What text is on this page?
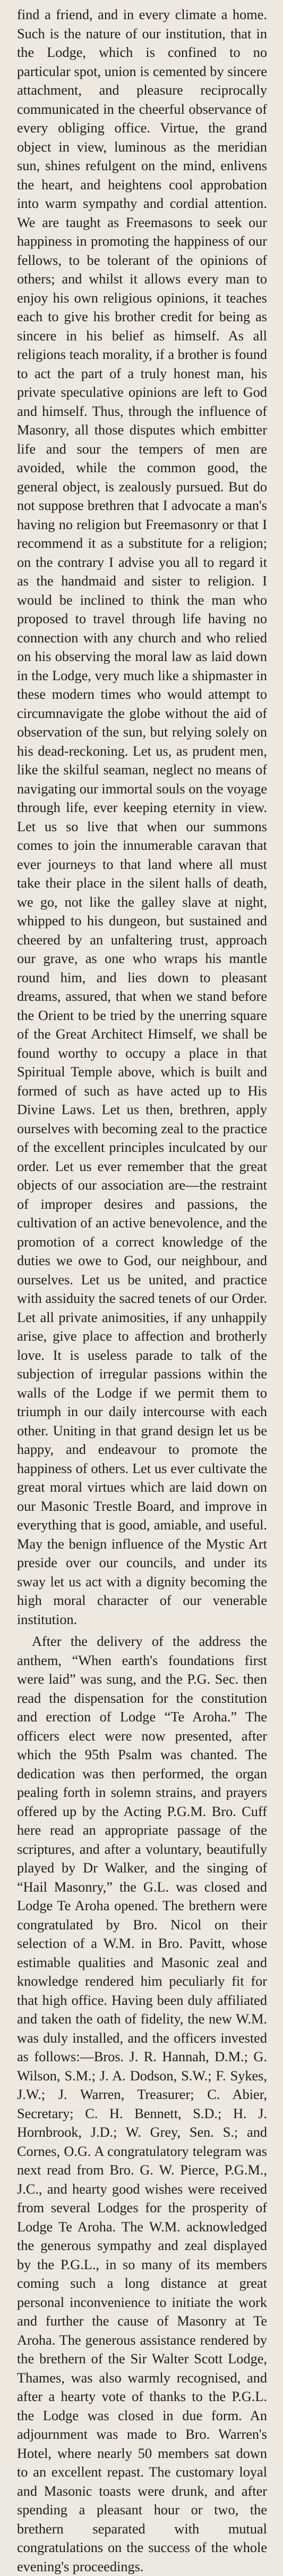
find a friend, and in every climate a home. Such is the nature of our institution, that in the Lodge, which is confined to no particular spot, union is cemented by sincere attachment, and pleasure reciprocally communicated in the cheerful observance of every obliging office. Virtue, the grand object in view, luminous as the meridian sun, shines refulgent on the mind, enlivens the heart, and heightens cool approbation into warm sympathy and cordial attention. We are taught as Freemasons to seek our happiness in promoting the happiness of our fellows, to be tolerant of the opinions of others; and whilst it allows every man to enjoy his own religious opinions, it teaches each to give his brother credit for being as sincere in his belief as himself. As all religions teach morality, if a brother is found to act the part of a truly honest man, his private speculative opinions are left to God and himself. Thus, through the influence of Masonry, all those disputes which embitter life and sour the tempers of men are avoided, while the common good, the general object, is zealously pursued. But do not suppose brethren that I advocate a man's having no religion but Freemasonry or that I recommend it as a substitute for a religion; on the contrary I advise you all to regard it as the handmaid and sister to religion. I would be inclined to think the man who proposed to travel through life having no connection with any church and who relied on his observing the moral law as laid down in the Lodge, very much like a shipmaster in these modern times who would attempt to circumnavigate the globe without the aid of observation of the sun, but relying solely on his dead-reckoning. Let us, as prudent men, like the skilful seaman, neglect no means of navigating our immortal souls on the voyage through life, ever keeping eternity in view. Let us so live that when our summons comes to join the innumerable caravan that ever journeys to that land where all must take their place in the silent halls of death, we go, not like the galley slave at night, whipped to his dungeon, but sustained and cheered by an unfaltering trust, approach our grave, as one who wraps his mantle round him, and lies down to pleasant dreams, assured, that when we stand before the Orient to be tried by the unerring square of the Great Architect Himself, we shall be found worthy to occupy a place in that Spiritual Temple above, which is built and formed of such as have acted up to His Divine Laws. Let us then, brethren, apply ourselves with becoming zeal to the practice of the excellent principles inculcated by our order. Let us ever remember that the great objects of our association are—the restraint of improper desires and passions, the cultivation of an active benevolence, and the promotion of a correct knowledge of the duties we owe to God, our neighbour, and ourselves. Let us be united, and practice with assiduity the sacred tenets of our Order. Let all private animosities, if any unhappily arise, give place to affection and brotherly love. It is useless parade to talk of the subjection of irregular passions within the walls of the Lodge if we permit them to triumph in our daily intercourse with each other. Uniting in that grand design let us be happy, and endeavour to promote the happiness of others. Let us ever cultivate the great moral virtues which are laid down on our Masonic Trestle Board, and improve in everything that is good, amiable, and useful. May the benign influence of the Mystic Art preside over our councils, and under its sway let us act with a dignity becoming the high moral character of our venerable institution.

After the delivery of the address the anthem, “When earth's foundations first were laid” was sung, and the P.G. Sec. then read the dispensation for the constitution and erection of Lodge “Te Aroha.” The officers elect were now presented, after which the 95th Psalm was chanted. The dedication was then performed, the organ pealing forth in solemn strains, and prayers offered up by the Acting P.G.M. Bro. Cuff here read an appropriate passage of the scriptures, and after a voluntary, beautifully played by Dr Walker, and the singing of “Hail Masonry,” the G.L. was closed and Lodge Te Aroha opened. The brethern were congratulated by Bro. Nicol on their selection of a W.M. in Bro. Pavitt, whose estimable qualities and Masonic zeal and knowledge rendered him peculiarly fit for that high office. Having been duly affiliated and taken the oath of fidelity, the new W.M. was duly installed, and the officers invested as follows:—Bros. J. R. Hannah, D.M.; G. Wilson, S.M.; J. A. Dodson, S.W.; F. Sykes, J.W.; J. Warren, Treasurer; C. Abier, Secretary; C. H. Bennett, S.D.; H. J. Hornbrook, J.D.; W. Grey, Sen. S.; and Cornes, O.G. A congratulatory telegram was next read from Bro. G. W. Pierce, P.G.M., J.C., and hearty good wishes were received from several Lodges for the prosperity of Lodge Te Aroha. The W.M. acknowledged the generous sympathy and zeal displayed by the P.G.L., in so many of its members coming such a long distance at great personal inconvenience to initiate the work and further the cause of Masonry at Te Aroha. The generous assistance rendered by the brethern of the Sir Walter Scott Lodge, Thames, was also warmly recognised, and after a hearty vote of thanks to the P.G.L. the Lodge was closed in due form. An adjournment was made to Bro. Warren's Hotel, where nearly 50 members sat down to an excellent repast. The customary loyal and Masonic toasts were drunk, and after spending a pleasant hour or two, the brethern separated with mutual congratulations on the success of the whole evening's proceedings.
